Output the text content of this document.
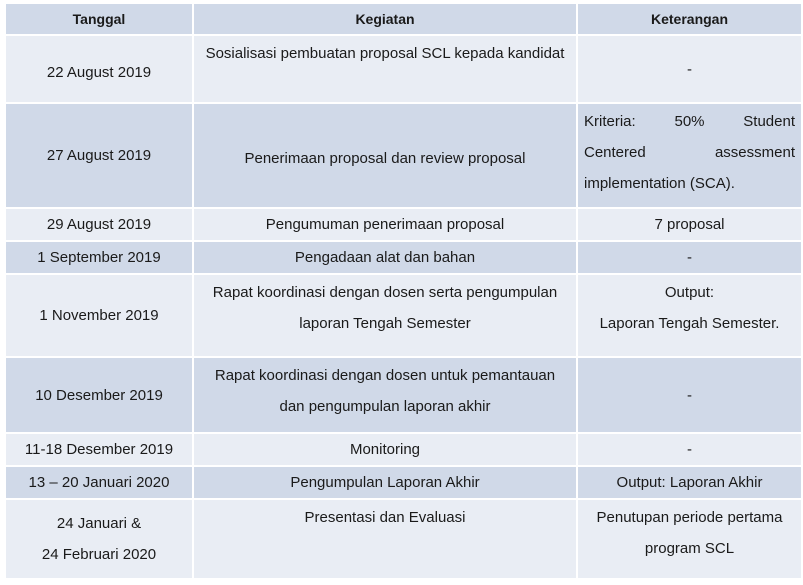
Tanggal	Kegiatan	Keterangan
22 August 2019	Sosialisasi pembuatan proposal SCL kepada kandidat	-
27 August 2019	Penerimaan proposal dan review proposal	Kriteria: 50% Student
Centered assessment
implementation (SCA).

29 August 2019	Pengumuman penerimaan proposal	7 proposal
1 September 2019	Pengadaan alat dan bahan	-
1 November 2019	Rapat koordinasi dengan dosen serta pengumpulan
laporan Tengah Semester	Output:
Laporan Tengah Semester.

10 Desember 2019	Rapat koordinasi dengan dosen untuk pemantauan
dan pengumpulan laporan akhir	-
11-18 Desember 2019	Monitoring	-
13 – 20 Januari 2020	Pengumpulan Laporan Akhir	Output: Laporan Akhir

24 Januari &
24 Februari 2020	Presentasi dan Evaluasi	Penutupan periode pertama
program SCL
